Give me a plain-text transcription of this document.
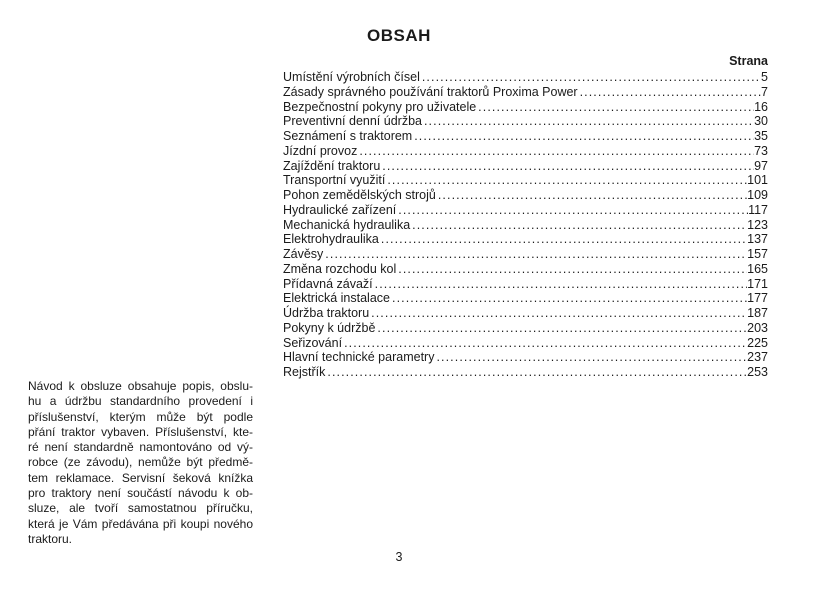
OBSAH
Strana
Umístění výrobních čísel .....	5
Zásady správného používání traktorů Proxima Power .....	7
Bezpečnostní pokyny pro uživatele .....	16
Preventivní denní údržba .....	30
Seznámení s traktorem .....	35
Jízdní provoz .....	73
Zajíždění traktoru .....	97
Transportní využití .....	101
Pohon zemědělských strojů .....	109
Hydraulické zařízení .....	117
Mechanická hydraulika .....	123
Elektrohydraulika .....	137
Závěsy .....	157
Změna rozchodu kol .....	165
Přídavná závaží .....	171
Elektrická instalace .....	177
Údržba traktoru .....	187
Pokyny k údržbě .....	203
Seřizování .....	225
Hlavní technické parametry .....	237
Rejstřík .....	253
Návod k obsluze obsahuje popis, obslu-
hu a údržbu standardního provedení i
příslušenství, kterým může být podle
přání traktor vybaven. Příslušenství, kte-
ré není standardně namontováno od vý-
robce (ze závodu), nemůže být předmě-
tem reklamace. Servisní šeková knížka
pro traktory není součástí návodu k ob-
sluze, ale tvoří samostatnou příručku,
která je Vám předávána při koupi nového
traktoru.
3
